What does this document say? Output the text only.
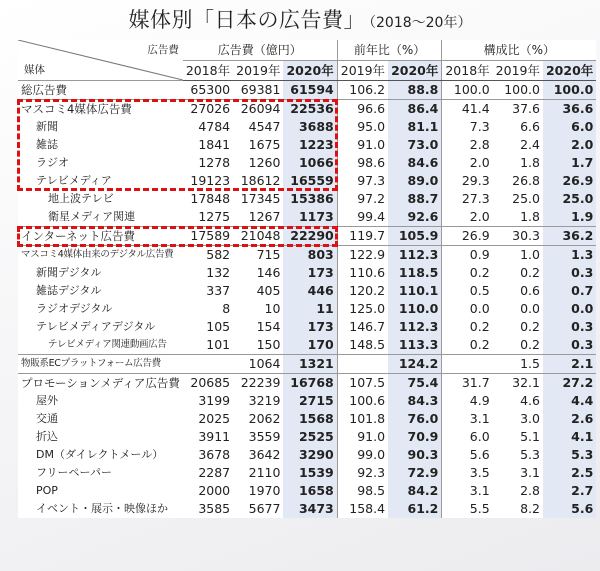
媒体別「日本の広告費」 （2018〜20年）
広告費
媒体	広告費（億円）			前年比（%）		構成比（%）		
	2018年	2019年	2020年	2019年	2020年	2018年	2019年	2020年
総広告費	65300	69381	61594	106.2	88.8	100.0	100.0	100.0
マスコミ4媒体広告費	27026	26094	22536	96.6	86.4	41.4	37.6	36.6
新聞	4784	4547	3688	95.0	81.1	7.3	6.6	6.0
雑誌	1841	1675	1223	91.0	73.0	2.8	2.4	2.0
ラジオ	1278	1260	1066	98.6	84.6	2.0	1.8	1.7
テレビメディア	19123	18612	16559	97.3	89.0	29.3	26.8	26.9
地上波テレビ	17848	17345	15386	97.2	88.7	27.3	25.0	25.0
衛星メディア関連	1275	1267	1173	99.4	92.6	2.0	1.8	1.9
インターネット広告費	17589	21048	22290	119.7	105.9	26.9	30.3	36.2
マスコミ4媒体由来のデジタル広告費	582	715	803	122.9	112.3	0.9	1.0	1.3
新聞デジタル	132	146	173	110.6	118.5	0.2	0.2	0.3
雑誌デジタル	337	405	446	120.2	110.1	0.5	0.6	0.7
ラジオデジタル	8	10	11	125.0	110.0	0.0	0.0	0.0
テレビメディアデジタル	105	154	173	146.7	112.3	0.2	0.2	0.3
テレビメディア関連動画広告	101	150	170	148.5	113.3	0.2	0.2	0.3
物販系ECプラットフォーム広告費		1064	1321		124.2		1.5	2.1
プロモーションメディア広告費	20685	22239	16768	107.5	75.4	31.7	32.1	27.2
屋外	3199	3219	2715	100.6	84.3	4.9	4.6	4.4
交通	2025	2062	1568	101.8	76.0	3.1	3.0	2.6
折込	3911	3559	2525	91.0	70.9	6.0	5.1	4.1
DM（ダイレクトメール）	3678	3642	3290	99.0	90.3	5.6	5.3	5.3
フリーペーパー	2287	2110	1539	92.3	72.9	3.5	3.1	2.5
POP	2000	1970	1658	98.5	84.2	3.1	2.8	2.7
イベント・展示・映像ほか	3585	5677	3473	158.4	61.2	5.5	8.2	5.6
